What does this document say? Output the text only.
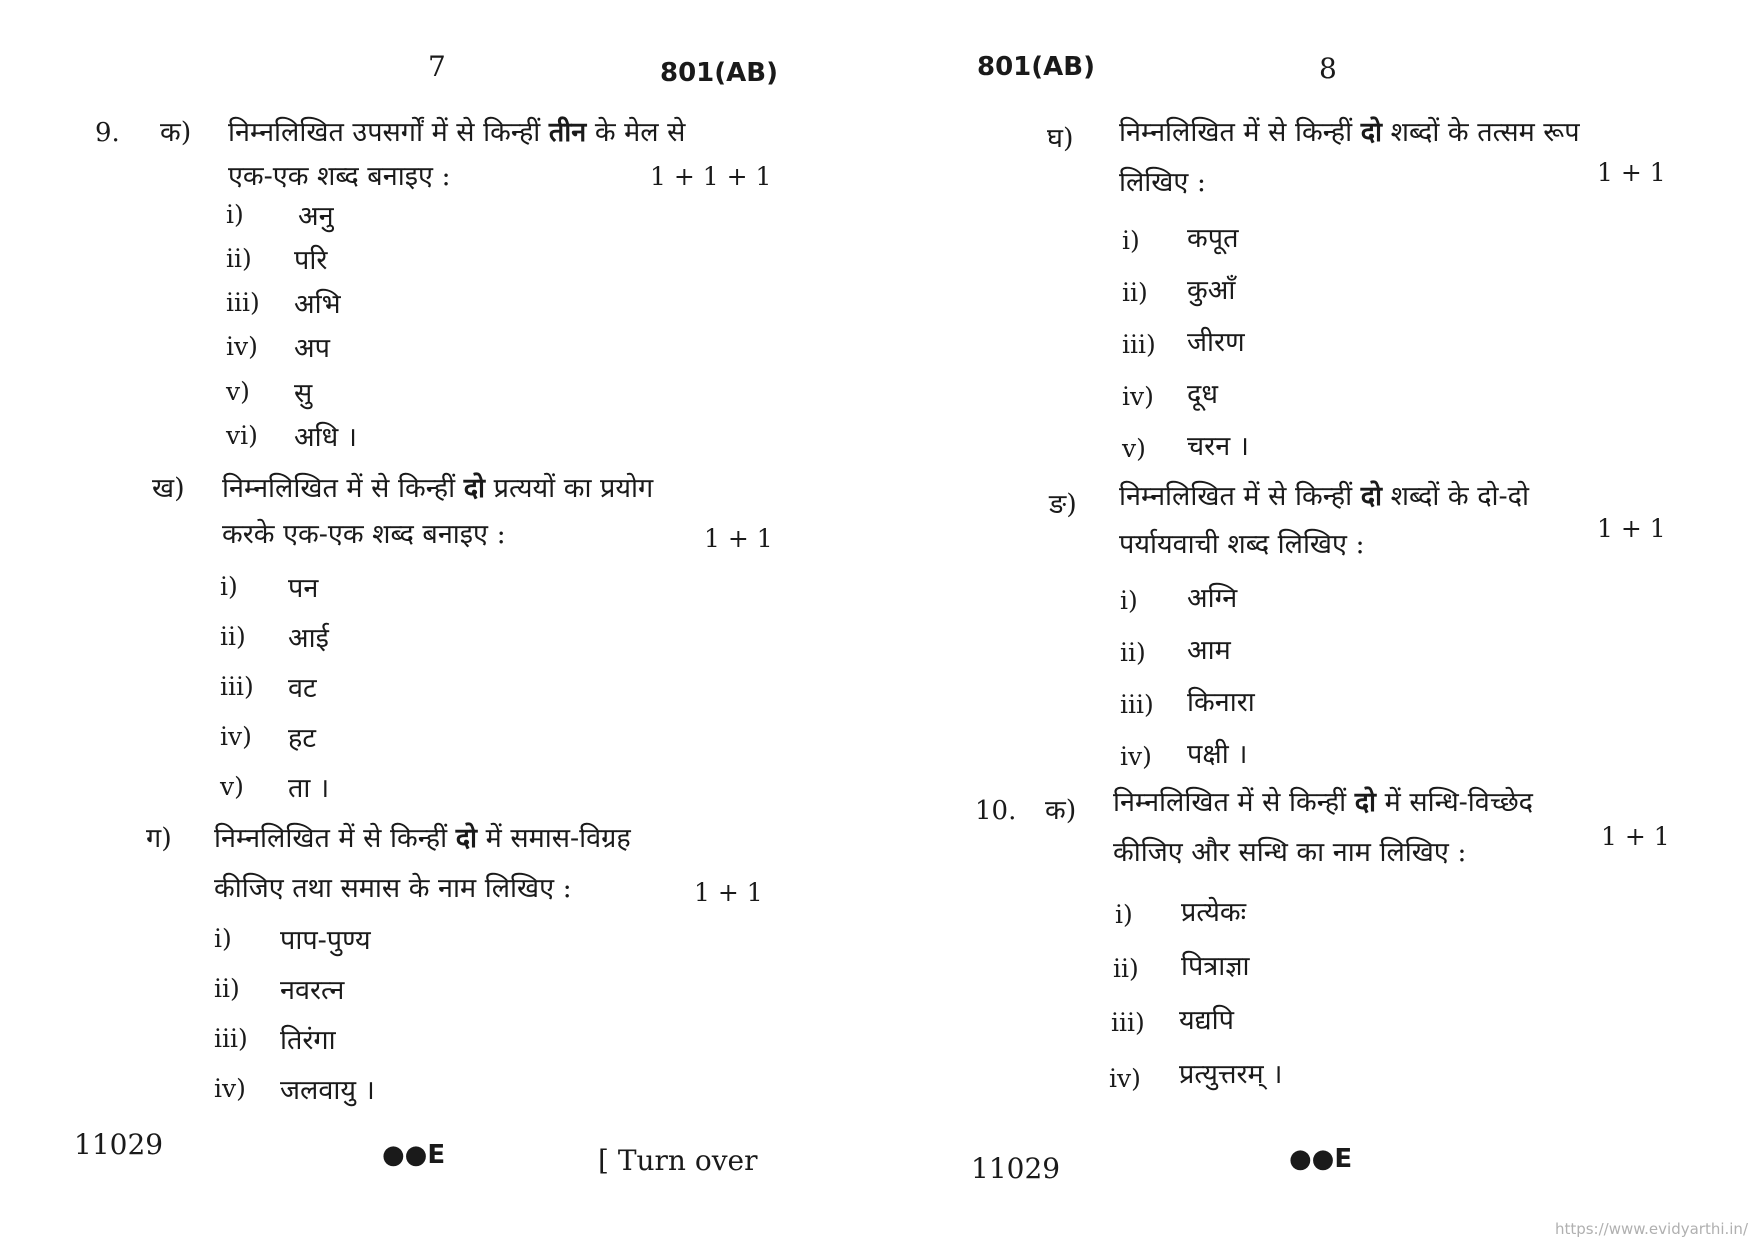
7	801(AB)
9. क) निम्नलिखित उपसर्गों में से किन्हीं तीन के मेल से
एक-एक शब्द बनाइए :	1 + 1 + 1
i) अनु
ii) परि
iii) अभि
iv) अप
v) सु
vi) अधि ।
ख) निम्नलिखित में से किन्हीं दो प्रत्ययों का प्रयोग
करके एक-एक शब्द बनाइए :	1 + 1
i) पन
ii) आई
iii) वट
iv) हट
v) ता ।
ग) निम्नलिखित में से किन्हीं दो में समास-विग्रह
कीजिए तथा समास के नाम लिखिए :	1 + 1
i) पाप-पुण्य
ii) नवरत्न
iii) तिरंगा
iv) जलवायु ।
11029	●●E	[ Turn over
801(AB)	8
घ) निम्नलिखित में से किन्हीं दो शब्दों के तत्सम रूप
लिखिए :	1 + 1
i) कपूत
ii) कुआँ
iii) जीरण
iv) दूध
v) चरन ।
ङ) निम्नलिखित में से किन्हीं दो शब्दों के दो-दो
पर्यायवाची शब्द लिखिए :
1 + 1
i) अग्नि
ii) आम
iii) किनारा
iv) पक्षी ।
10. क) निम्नलिखित में से किन्हीं दो में सन्धि-विच्छेद
कीजिए और सन्धि का नाम लिखिए :
1 + 1
i) प्रत्येकः
ii) पित्राज्ञा
iii) यद्यपि
iv) प्रत्युत्तरम् ।
11029	●●E
https://www.evidyarthi.in/
